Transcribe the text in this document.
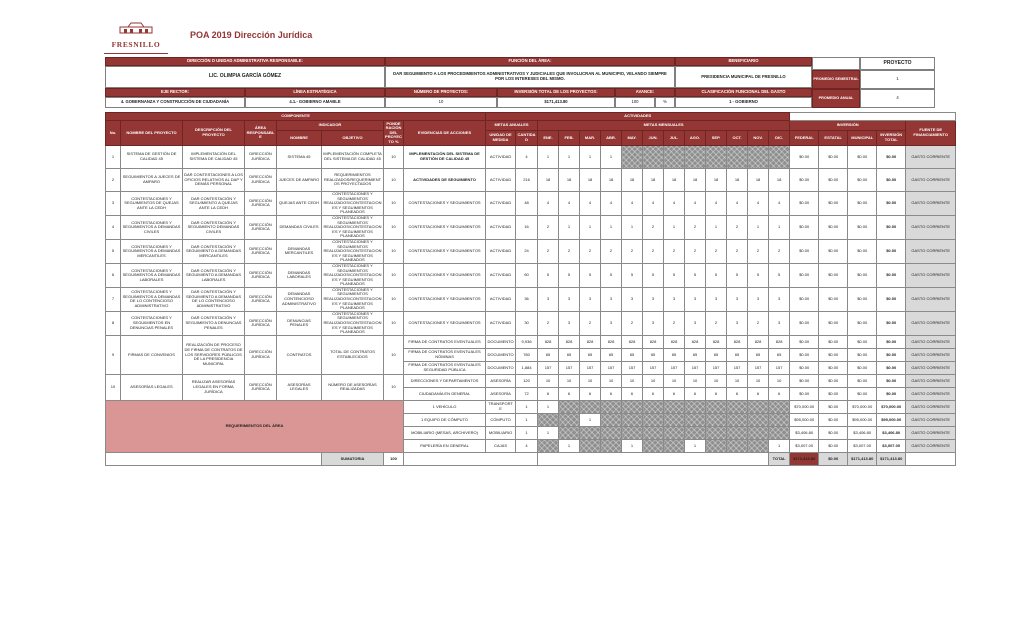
FRESNILLO
POA 2019 Dirección Jurídica
DIRECCIÓN O UNIDAD ADMINISTRATIVA RESPONSABLE:
LIC. OLIMPIA GARCÍA GÓMEZ
EJE RECTOR:	LÍNEA ESTRATÉGICA
4. GOBERNANZA Y CONSTRUCCIÓN DE CIUDADANÍA	4.1.- GOBIERNO AMABLE
FUNCIÓN DEL ÁREA:
DAR SEGUIMIENTO A LOS PROCEDIMIENTOS ADMINISTRATIVOS Y JUDICIALES QUE INVOLUCRAN AL MUNICIPIO, VELANDO SIEMPRE POR LOS INTERESES DEL MISMO.
NÚMERO DE PROYECTOS:	INVERSIÓN TOTAL DE LOS PROYECTOS:	AVANCE:
10	$171,413.80	100	%
BENEFICIARIO
PRESIDENCIA MUNICIPAL DE FRESNILLO
CLASIFICACIÓN FUNCIONAL DEL GASTO
1 - GOBIERNO
PROYECTO
PROMEDIO SEMESTRAL	1
PROMEDIO ANUAL	4
COMPONENTE								ACTIVIDADES																		
No.	NOMBRE DEL PROYECTO	DESCRIPCIÓN DEL PROYECTO	ÁREA RESPONSABLE	INDICADOR		PONDERACIÓN DEL PROYECTO %	EVIDENCIAS DE ACCIONES	METAS ANUALES		METAS MENSUALES												INVERSIÓN				FUENTE DE FINANCIAMIENTO
				NOMBRE	OBJETIVO			UNIDAD DE MEDIDA	CANTIDAD	ENE.	FEB.	MAR.	ABR.	MAY.	JUN.	JUL.	AGO.	SEP.	OCT.	NOV.	DIC.	FEDERAL	ESTATAL	MUNICIPAL	INVERSIÓN TOTAL	
1	SISTEMA DE GESTIÓN DE CALIDAD 45	IMPLEMENTACIÓN DEL SISTEMA DE CALIDAD 45	DIRECCIÓN JURÍDICA	SISTEMA 45	IMPLEMENTACIÓN COMPLETA DEL SISTEMA DE CALIDAD 45	10	IMPLEMENTACIÓN DEL SISTEMA DE GESTIÓN DE CALIDAD 45	ACTIVIDAD	4	1	1	1	1									$0.00	$0.00	$0.00	$0.00	GASTO CORRIENTE
2	SEGUIMIENTOS A JUECES DE AMPARO	DAR CONTESTACIONES A LOS OFICIOS RELATIVOS AL DAP Y DEMÁS PERSONAL	DIRECCIÓN JURÍDICA	JUECES DE AMPARO	REQUERIMIENTOS REALIZADOS/REQUERIMIENTOS PROYECTADOS	10	ACTIVIDADES DE SEGUIMIENTO	ACTIVIDAD	216	18	18	18	18	18	18	18	18	18	18	18	18	$0.00	$0.00	$0.00	$0.00	GASTO CORRIENTE
3	CONTESTACIONES Y SEGUIMIENTOS DE QUEJAS ANTE LA CEDH	DAR CONTESTACIÓN Y SEGUIMIENTO A QUEJAS ANTE LA CEDH	DIRECCIÓN JURÍDICA	QUEJAS ANTE CEDH	CONTESTACIONES Y SEGUIMIENTOS REALIZADOS/CONTESTACIONES Y SEGUIMIENTOS PLANEADOS	10	CONTESTACIONES Y SEGUIMIENTOS	ACTIVIDAD	48	4	4	4	4	4	4	4	4	4	4	4	4	$0.00	$0.00	$0.00	$0.00	GASTO CORRIENTE
4	CONTESTACIONES Y SEGUIMIENTOS A DEMANDAS CIVILES	DAR CONTESTACIÓN Y SEGUIMIENTO DEMANDAS CIVILES	DIRECCIÓN JURÍDICA	DEMANDAS CIVILES	CONTESTACIONES Y SEGUIMIENTOS REALIZADOS/CONTESTACIONES Y SEGUIMIENTOS PLANEADOS	10	CONTESTACIONES Y SEGUIMIENTOS	ACTIVIDAD	16	2	1	1	1	1	2	1	2	1	2	1	1	$0.00	$0.00	$0.00	$0.00	GASTO CORRIENTE
5	CONTESTACIONES Y SEGUIMIENTOS A DEMANDAS MERCANTILES	DAR CONTESTACIÓN Y SEGUIMIENTO A DEMANDAS MERCANTILES	DIRECCIÓN JURÍDICA	DEMANDAS MERCANTILES	CONTESTACIONES Y SEGUIMIENTOS REALIZADOS/CONTESTACIONES Y SEGUIMIENTOS PLANEADOS	10	CONTESTACIONES Y SEGUIMIENTOS	ACTIVIDAD	24	2	2	2	2	2	2	2	2	2	2	2	2	$0.00	$0.00	$0.00	$0.00	GASTO CORRIENTE
6	CONTESTACIONES Y SEGUIMIENTOS A DEMANDAS LABORALES	DAR CONTESTACIÓN Y SEGUIMIENTO A DEMANDAS LABORALES	DIRECCIÓN JURÍDICA	DEMANDAS LABORALES	CONTESTACIONES Y SEGUIMIENTOS REALIZADOS/CONTESTACIONES Y SEGUIMIENTOS PLANEADOS	10	CONTESTACIONES Y SEGUIMIENTOS	ACTIVIDAD	60	5	5	5	5	5	5	5	5	5	5	5	5	$0.00	$0.00	$0.00	$0.00	GASTO CORRIENTE
7	CONTESTACIONES Y SEGUIMIENTOS A DEMANDAS DE LO CONTENCIOSO ADMINISTRATIVO	DAR CONTESTACIÓN Y SEGUIMIENTO A DEMANDAS DE LO CONTENCIOSO ADMINISTRATIVO	DIRECCIÓN JURÍDICA	DEMANDAS CONTENCIOSO ADMINISTRATIVO	CONTESTACIONES Y SEGUIMIENTOS REALIZADOS/CONTESTACIONES Y SEGUIMIENTOS PLANEADOS	10	CONTESTACIONES Y SEGUIMIENTOS	ACTIVIDAD	36	3	3	3	3	3	3	3	3	3	3	3	3	$0.00	$0.00	$0.00	$0.00	GASTO CORRIENTE
8	CONTESTACIONES Y SEGUIMIENTOS EN DENUNCIAS PENALES	DAR CONTESTACIÓN Y SEGUIMIENTO A DENUNCIAS PENALES	DIRECCIÓN JURÍDICA	DENUNCIAS PENALES	CONTESTACIONES Y SEGUIMIENTOS REALIZADOS/CONTESTACIONES Y SEGUIMIENTOS PLANEADOS	10	CONTESTACIONES Y SEGUIMIENTOS	ACTIVIDAD	30	2	3	2	3	2	3	2	3	2	3	2	3	$0.00	$0.00	$0.00	$0.00	GASTO CORRIENTE
9	FIRMAS DE CONVENIOS	REALIZACIÓN DE PROCESO DE FIRMA DE CONTRATOS DE LOS SERVIDORES PÚBLICOS DE LA PRESIDENCIA MUNICIPAL	DIRECCIÓN JURÍDICA	CONTRATOS	TOTAL DE CONTRATOS ESTABLECIDOS	10	FIRMA DE CONTRATOS EVENTUALES	DOCUMENTO	9,936	828	828	828	828	828	828	828	828	828	828	828	828	$0.00	$0.00	$0.00	$0.00	GASTO CORRIENTE
							FIRMA DE CONTRATOS EVENTUALES NÓMINAS	DOCUMENTO	780	65	65	65	65	65	65	65	65	65	65	65	65	$0.00	$0.00	$0.00	$0.00	GASTO CORRIENTE
							FIRMA DE CONTRATOS EVENTUALES SEGURIDAD PÚBLICA	DOCUMENTO	1,884	157	157	157	157	157	157	157	157	157	157	157	157	$0.00	$0.00	$0.00	$0.00	GASTO CORRIENTE
10	ASESORÍAS LEGALES	REALIZAR ASESORÍAS LEGALES EN FORMA JURÍDICA	DIRECCIÓN JURÍDICA	ASESORÍAS LEGALES	NÚMERO DE ASESORÍAS REALIZADAS	10	DIRECCIONES Y DEPARTAMENTOS	ASESORÍA	120	10	10	10	10	10	10	10	10	10	10	10	10	$0.00	$0.00	$0.00	$0.00	GASTO CORRIENTE
							CIUDADANÍA EN GENERAL	ASESORÍA	72	6	6	6	6	6	6	6	6	6	6	6	6	$0.00	$0.00	$0.00	$0.00	GASTO CORRIENTE
REQUERIMIENTOS DEL ÁREA							1 VEHÍCULO	TRANSPORTE	1	1												$70,000.00	$0.00	$70,000.00	$70,000.00	GASTO CORRIENTE
							1 EQUIPO DE CÓMPUTO	CÓMPUTO	1			1										$95,000.00	$0.00	$95,000.00	$95,000.00	GASTO CORRIENTE
							MOBILIARIO (MESAS, ARCHIVERO)	MOBILIARIO	1	1												$3,406.80	$0.00	$3,406.80	$3,406.80	GASTO CORRIENTE
							PAPELERÍA EN GENERAL	CAJAS	4		1			1			1				1	$3,007.00	$0.00	$3,007.00	$3,007.00	GASTO CORRIENTE
					SUMATORIA	100															TOTAL	$171,413.80	$0.00	$171,413.80	$171,413.80	
